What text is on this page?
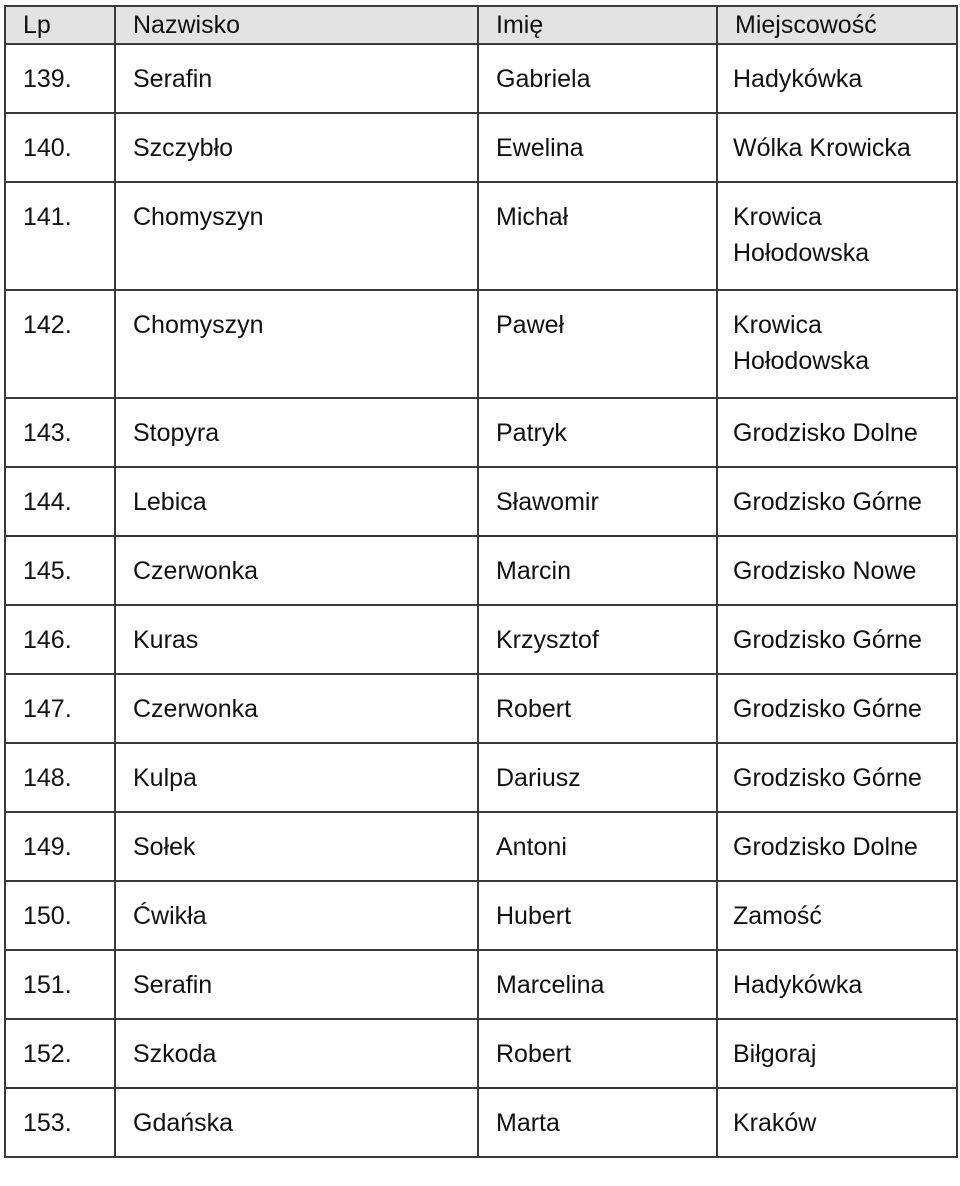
Lp	Nazwisko	Imię	Miejscowość
139.	Serafin	Gabriela	Hadykówka
140.	Szczybło	Ewelina	Wólka Krowicka
141.	Chomyszyn	Michał	Krowica Hołodowska
142.	Chomyszyn	Paweł	Krowica Hołodowska
143.	Stopyra	Patryk	Grodzisko Dolne
144.	Lebica	Sławomir	Grodzisko Górne
145.	Czerwonka	Marcin	Grodzisko Nowe
146.	Kuras	Krzysztof	Grodzisko Górne
147.	Czerwonka	Robert	Grodzisko Górne
148.	Kulpa	Dariusz	Grodzisko Górne
149.	Sołek	Antoni	Grodzisko Dolne
150.	Ćwikła	Hubert	Zamość
151.	Serafin	Marcelina	Hadykówka
152.	Szkoda	Robert	Biłgoraj
153.	Gdańska	Marta	Kraków
